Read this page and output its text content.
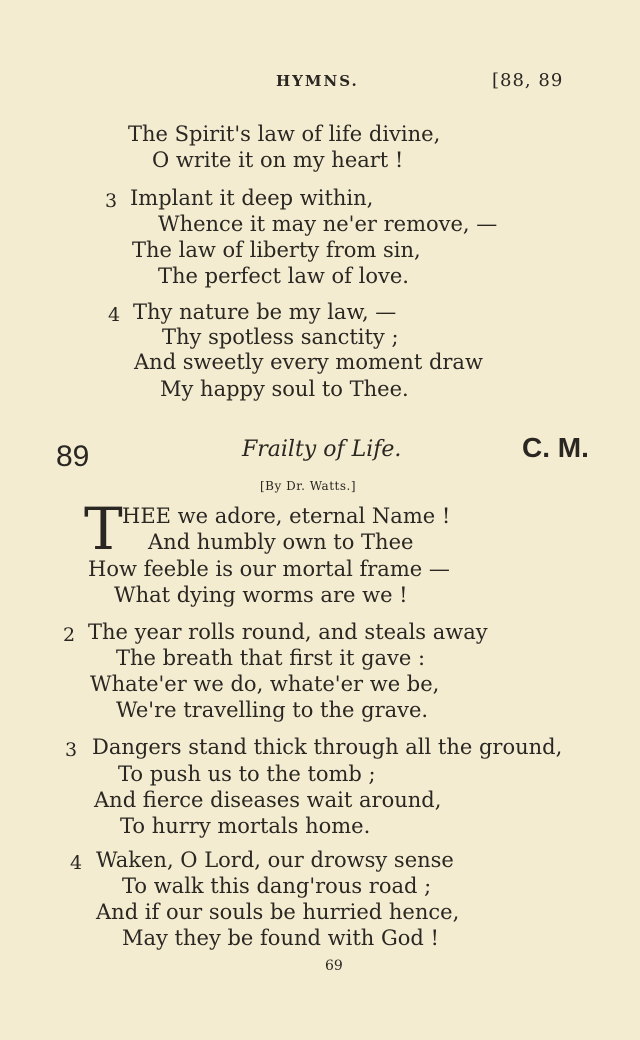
HYMNS.	[88, 89
The Spirit's law of life divine,
O write it on my heart !
3 Implant it deep within,
Whence it may ne'er remove, —
The law of liberty from sin,
The perfect law of love.
4 Thy nature be my law, —
Thy spotless sanctity ;
And sweetly every moment draw
My happy soul to Thee.
89	Frailty of Life.	C. M.
[By Dr. Watts.]
T HEE we adore, eternal Name !
And humbly own to Thee
How feeble is our mortal frame —
What dying worms are we !
2 The year rolls round, and steals away
The breath that first it gave :
Whate'er we do, whate'er we be,
We're travelling to the grave.
3 Dangers stand thick through all the ground,
To push us to the tomb ;
And fierce diseases wait around,
To hurry mortals home.
4 Waken, O Lord, our drowsy sense
To walk this dang'rous road ;
And if our souls be hurried hence,
May they be found with God !
69
